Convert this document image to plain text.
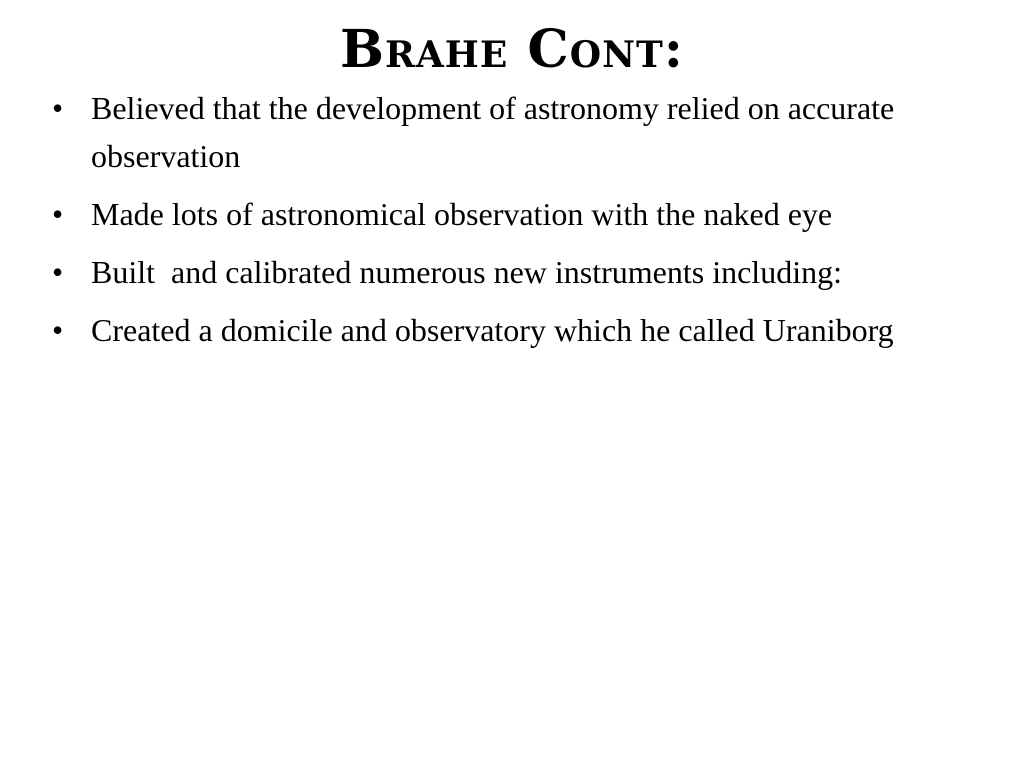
Brahe Cont:
• Believed that the development of astronomy relied on accurate observation
• Made lots of astronomical observation with the naked eye
• Built  and calibrated numerous new instruments including:
• Created a domicile and observatory which he called Uraniborg
